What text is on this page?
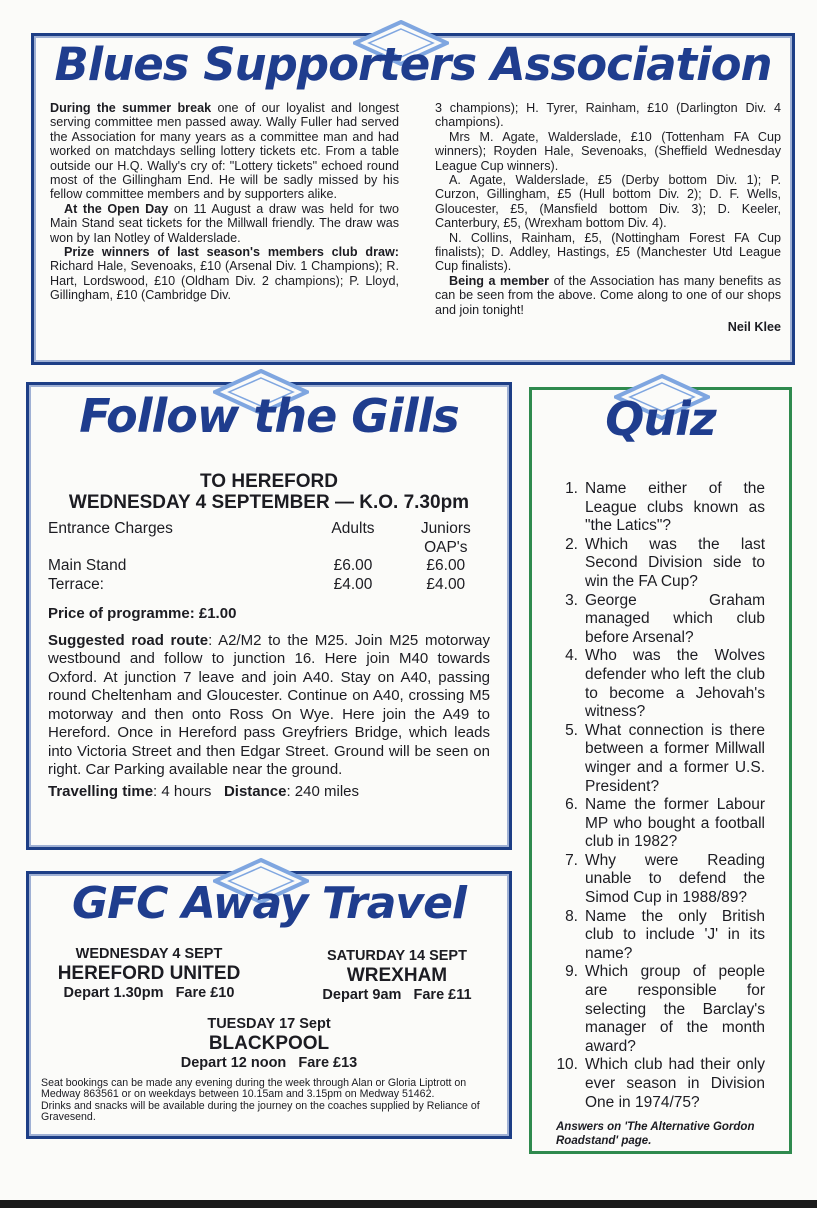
Blues Supporters Association

During the summer break one of our loyalist and longest serving committee men passed away. Wally Fuller had served the Association for many years as a committee man and had worked on matchdays selling lottery tickets etc. From a table outside our H.Q. Wally's cry of: "Lottery tickets" echoed round most of the Gillingham End. He will be sadly missed by his fellow committee members and by supporters alike.

At the Open Day on 11 August a draw was held for two Main Stand seat tickets for the Millwall friendly. The draw was won by Ian Notley of Walderslade.

Prize winners of last season's members club draw: Richard Hale, Sevenoaks, £10 (Arsenal Div. 1 Champions); R. Hart, Lordswood, £10 (Oldham Div. 2 champions); P. Lloyd, Gillingham, £10 (Cambridge Div.

3 champions); H. Tyrer, Rainham, £10 (Darlington Div. 4 champions).

Mrs M. Agate, Walderslade, £10 (Tottenham FA Cup winners); Royden Hale, Sevenoaks, (Sheffield Wednesday League Cup winners).

A. Agate, Walderslade, £5 (Derby bottom Div. 1); P. Curzon, Gillingham, £5 (Hull bottom Div. 2); D. F. Wells, Gloucester, £5, (Mansfield bottom Div. 3); D. Keeler, Canterbury, £5, (Wrexham bottom Div. 4).

N. Collins, Rainham, £5, (Nottingham Forest FA Cup finalists); D. Addley, Hastings, £5 (Manchester Utd League Cup finalists).

Being a member of the Association has many benefits as can be seen from the above. Come along to one of our shops and join tonight!

Neil Klee

Follow the Gills

TO HEREFORD

WEDNESDAY 4 SEPTEMBER — K.O. 7.30pm

Entrance Charges	Adults	Juniors
		OAP's
Main Stand	£6.00	£6.00
Terrace:	£4.00	£4.00

Price of programme: £1.00

Suggested road route: A2/M2 to the M25. Join M25 motorway westbound and follow to junction 16. Here join M40 towards Oxford. At junction 7 leave and join A40. Stay on A40, passing round Cheltenham and Gloucester. Continue on A40, crossing M5 motorway and then onto Ross On Wye. Here join the A49 to Hereford. Once in Hereford pass Greyfriers Bridge, which leads into Victoria Street and then Edgar Street. Ground will be seen on right. Car Parking available near the ground.

Travelling time: 4 hours Distance: 240 miles

GFC Away Travel
WEDNESDAY 4 SEPT
HEREFORD UNITED
Depart 1.30pm Fare £10
SATURDAY 14 SEPT
WREXHAM
Depart 9am Fare £11
TUESDAY 17 Sept
BLACKPOOL
Depart 12 noon Fare £13

Seat bookings can be made any evening during the week through Alan or Gloria Liptrott on Medway 863561 or on weekdays between 10.15am and 3.15pm on Medway 51462.

Drinks and snacks will be available during the journey on the coaches supplied by Reliance of Gravesend.

Quiz
1. Name either of the League clubs known as "the Latics"?
2. Which was the last Second Division side to win the FA Cup?
3. George Graham managed which club before Arsenal?
4. Who was the Wolves defender who left the club to become a Jehovah's witness?
5. What connection is there between a former Millwall winger and a former U.S. President?
6. Name the former Labour MP who bought a football club in 1982?
7. Why were Reading unable to defend the Simod Cup in 1988/89?
8. Name the only British club to include 'J' in its name?
9. Which group of people are responsible for selecting the Barclay's manager of the month award?
10. Which club had their only ever season in Division One in 1974/75?

Answers on 'The Alternative Gordon Roadstand' page.
